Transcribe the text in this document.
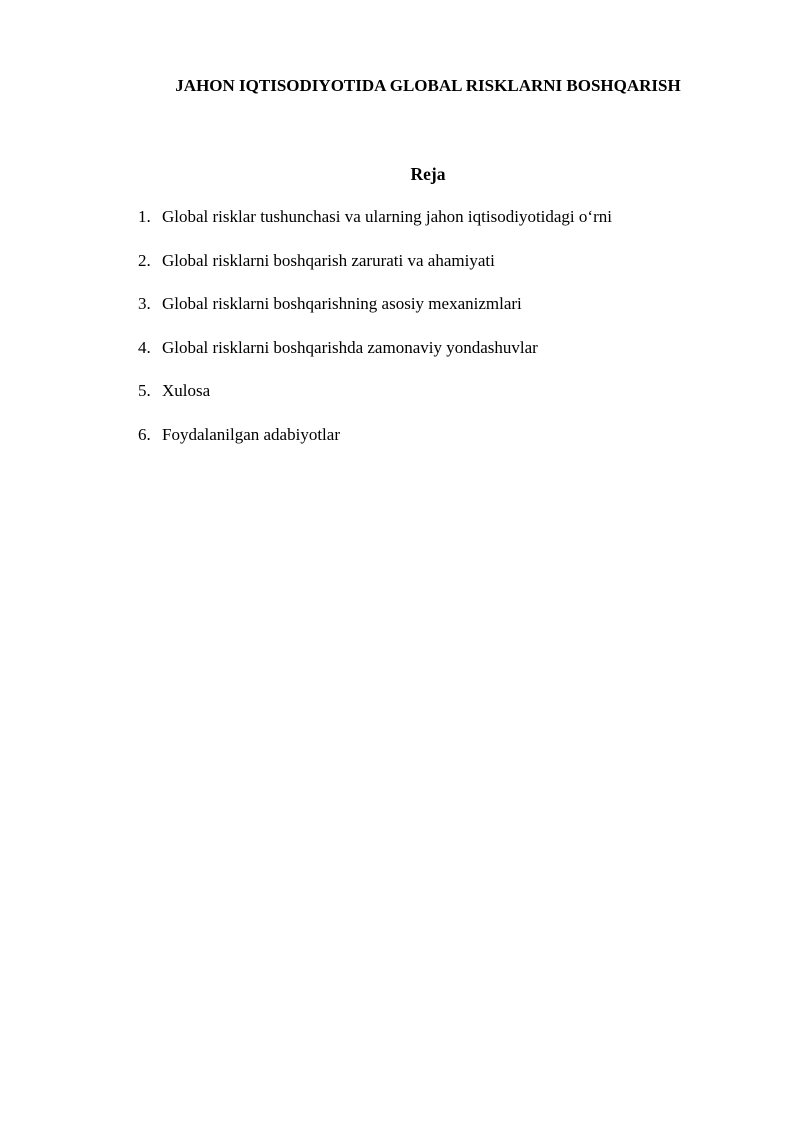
JAHON IQTISODIYOTIDA GLOBAL RISKLARNI BOSHQARISH
Reja
1. Global risklar tushunchasi va ularning jahon iqtisodiyotidagi o‘rni
2. Global risklarni boshqarish zarurati va ahamiyati
3. Global risklarni boshqarishning asosiy mexanizmlari
4. Global risklarni boshqarishda zamonaviy yondashuvlar
5. Xulosa
6. Foydalanilgan adabiyotlar
